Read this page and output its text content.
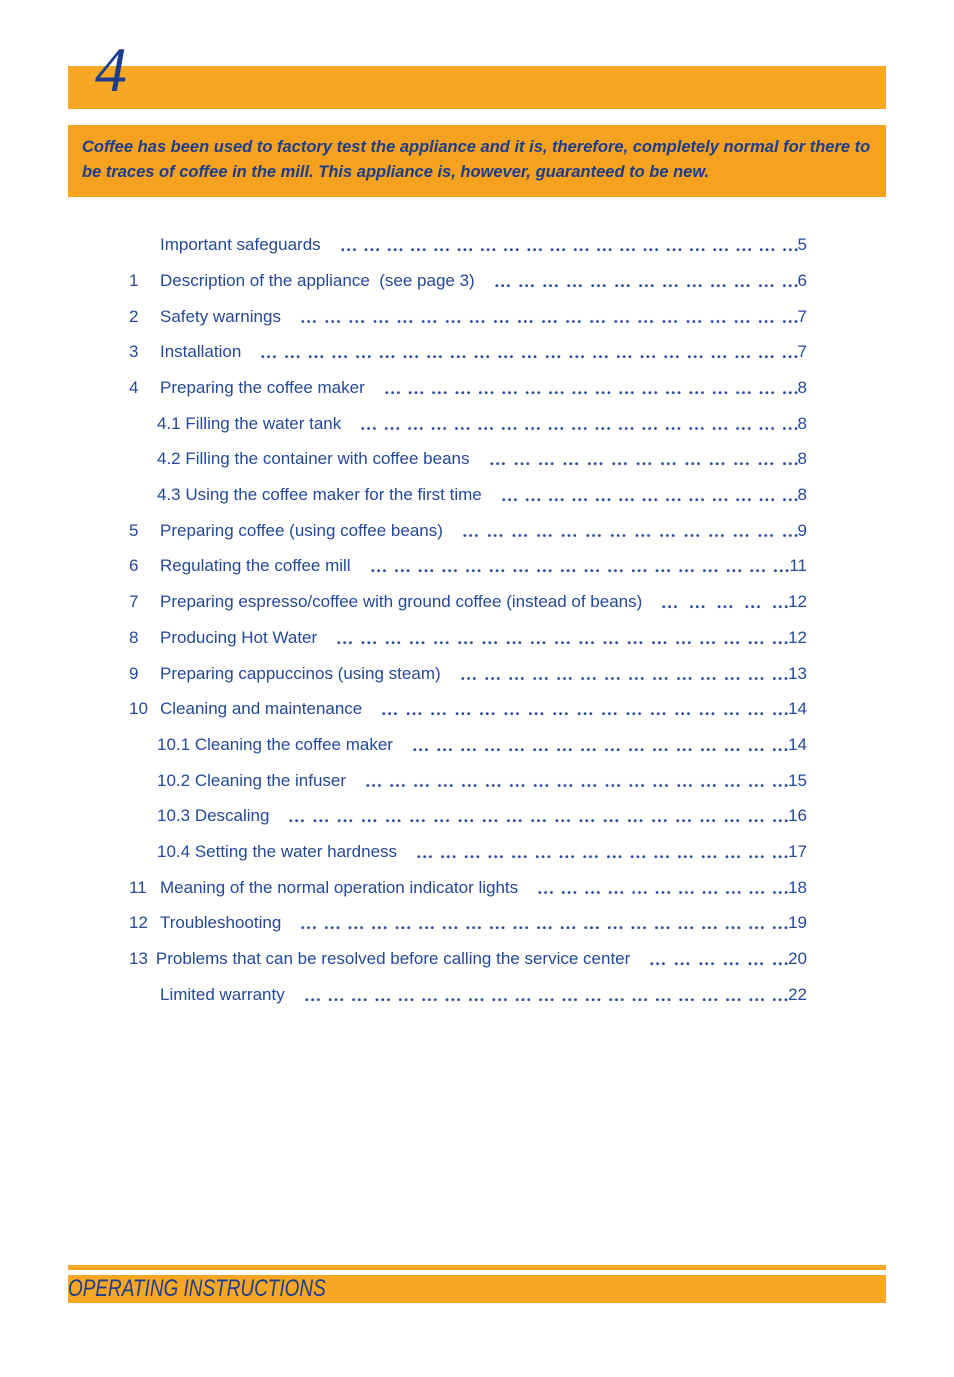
4

Coffee has been used to factory test the appliance and it is, therefore, completely normal for there to be traces of coffee in the mill. This appliance is, however, guaranteed to be new.

Important safeguards	5
1	Description of the appliance  (see page 3)	6
2	Safety warnings	7
3	Installation	7
4	Preparing the coffee maker	8
4.1 Filling the water tank	8
4.2 Filling the container with coffee beans	8
4.3 Using the coffee maker for the first time	8
5	Preparing coffee (using coffee beans)	9
6	Regulating the coffee mill	11
7	Preparing espresso/coffee with ground coffee (instead of beans)	12
8	Producing Hot Water	12
9	Preparing cappuccinos (using steam)	13
10 Cleaning and maintenance	14
10.1 Cleaning the coffee maker	14
10.2 Cleaning the infuser	15
10.3 Descaling	16
10.4 Setting the water hardness	17
11 Meaning of the normal operation indicator lights	18
12 Troubleshooting	19
13 Problems that can be resolved before calling the service center	20
Limited warranty	22
OPERATING INSTRUCTIONS
